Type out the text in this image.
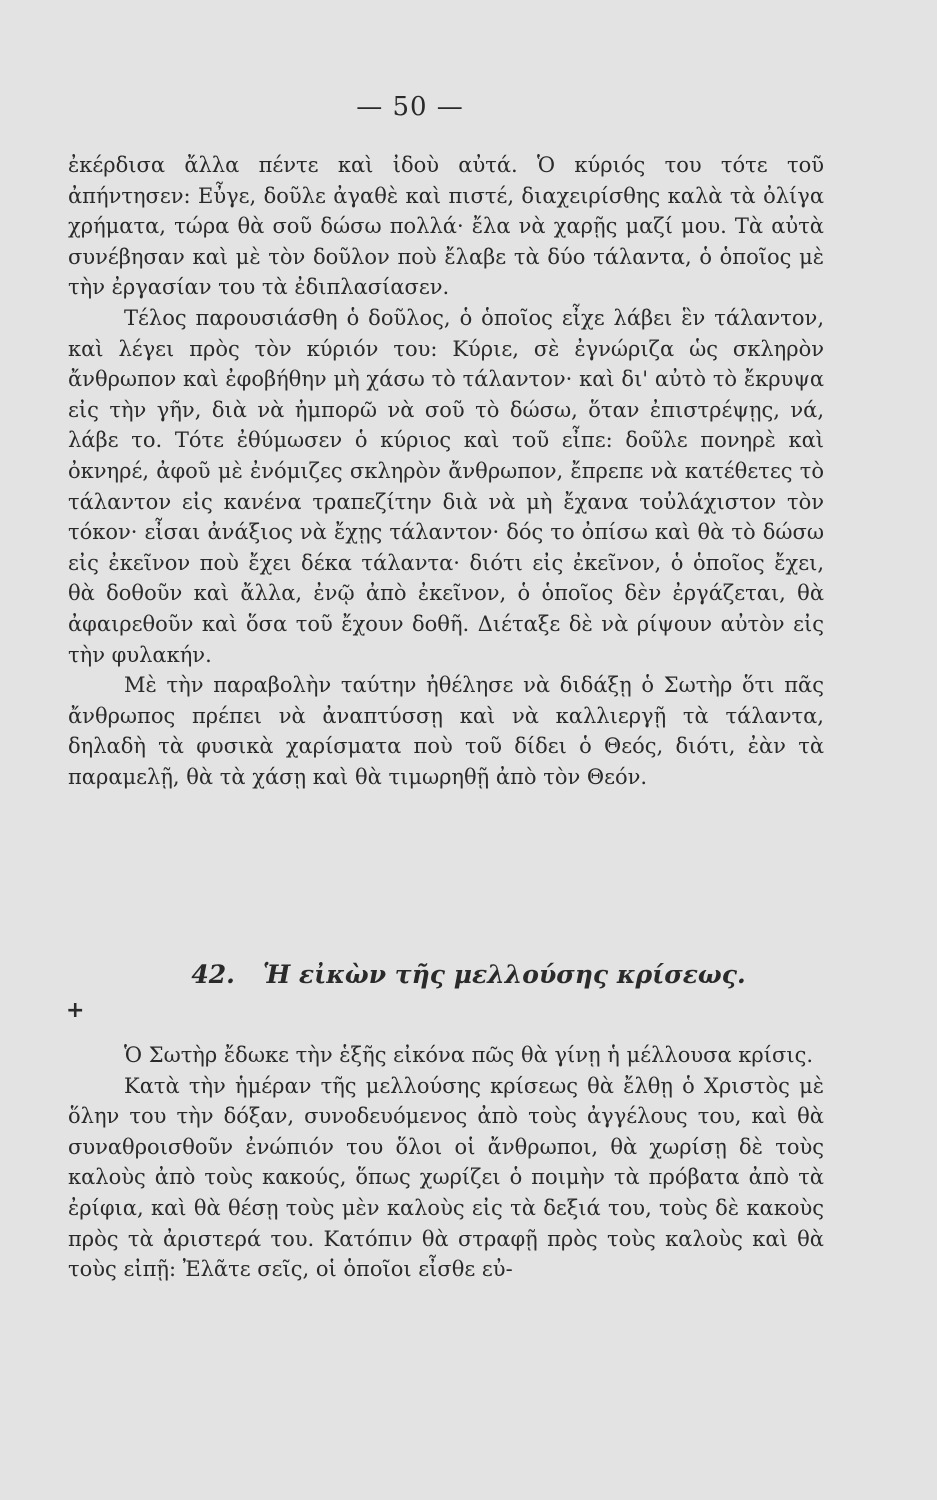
— 50 —

ἐκέρδισα ἄλλα πέντε καὶ ἰδοὺ αὐτά. Ὁ κύριός του τότε τοῦ ἀπήντησεν: Εὖγε, δοῦλε ἀγαθὲ καὶ πιστέ, διαχειρίσθης καλὰ τὰ ὀλίγα χρήματα, τώρα θὰ σοῦ δώσω πολλά· ἔλα νὰ χαρῇς μαζί μου. Τὰ αὐτὰ συνέβησαν καὶ μὲ τὸν δοῦλον ποὺ ἔλαβε τὰ δύο τάλαντα, ὁ ὁποῖος μὲ τὴν ἐργασίαν του τὰ ἐδιπλασίασεν.

Τέλος παρουσιάσθη ὁ δοῦλος, ὁ ὁποῖος εἶχε λάβει ἓν τάλαντον, καὶ λέγει πρὸς τὸν κύριόν του: Κύριε, σὲ ἐγνώριζα ὡς σκληρὸν ἄνθρωπον καὶ ἐφοβήθην μὴ χάσω τὸ τάλαντον· καὶ δι' αὐτὸ τὸ ἔκρυψα εἰς τὴν γῆν, διὰ νὰ ἠμπορῶ νὰ σοῦ τὸ δώσω, ὅταν ἐπιστρέψῃς, νά, λάβε το. Τότε ἐθύμωσεν ὁ κύριος καὶ τοῦ εἶπε: δοῦλε πονηρὲ καὶ ὀκνηρέ, ἀφοῦ μὲ ἐνόμιζες σκληρὸν ἄνθρωπον, ἔπρεπε νὰ κατέθετες τὸ τάλαντον εἰς κανένα τραπεζίτην διὰ νὰ μὴ ἔχανα τοὐλάχιστον τὸν τόκον· εἶσαι ἀνάξιος νὰ ἔχῃς τάλαντον· δός το ὀπίσω καὶ θὰ τὸ δώσω εἰς ἐκεῖνον ποὺ ἔχει δέκα τάλαντα· διότι εἰς ἐκεῖνον, ὁ ὁποῖος ἔχει, θὰ δοθοῦν καὶ ἄλλα, ἐνῷ ἀπὸ ἐκεῖνον, ὁ ὁποῖος δὲν ἐργάζεται, θὰ ἀφαιρεθοῦν καὶ ὅσα τοῦ ἔχουν δοθῆ. Διέταξε δὲ νὰ ρίψουν αὐτὸν εἰς τὴν φυλακήν.

Μὲ τὴν παραβολὴν ταύτην ἠθέλησε νὰ διδάξῃ ὁ Σωτὴρ ὅτι πᾶς ἄνθρωπος πρέπει νὰ ἀναπτύσσῃ καὶ νὰ καλλιεργῇ τὰ τάλαντα, δηλαδὴ τὰ φυσικὰ χαρίσματα ποὺ τοῦ δίδει ὁ Θεός, διότι, ἐὰν τὰ παραμελῇ, θὰ τὰ χάσῃ καὶ θὰ τιμωρηθῇ ἀπὸ τὸν Θεόν.

42. Ἡ εἰκὼν τῆς μελλούσης κρίσεως.
+

Ὁ Σωτὴρ ἔδωκε τὴν ἑξῆς εἰκόνα πῶς θὰ γίνῃ ἡ μέλλουσα κρίσις.

Κατὰ τὴν ἡμέραν τῆς μελλούσης κρίσεως θὰ ἔλθῃ ὁ Χριστὸς μὲ ὅλην του τὴν δόξαν, συνοδευόμενος ἀπὸ τοὺς ἀγγέλους του, καὶ θὰ συναθροισθοῦν ἐνώπιόν του ὅλοι οἱ ἄνθρωποι, θὰ χωρίσῃ δὲ τοὺς καλοὺς ἀπὸ τοὺς κακούς, ὅπως χωρίζει ὁ ποιμὴν τὰ πρόβατα ἀπὸ τὰ ἐρίφια, καὶ θὰ θέσῃ τοὺς μὲν καλοὺς εἰς τὰ δεξιά του, τοὺς δὲ κακοὺς πρὸς τὰ ἀριστερά του. Κατόπιν θὰ στραφῇ πρὸς τοὺς καλοὺς καὶ θὰ τοὺς εἰπῇ: Ἐλᾶτε σεῖς, οἱ ὁποῖοι εἶσθε εὐ-
